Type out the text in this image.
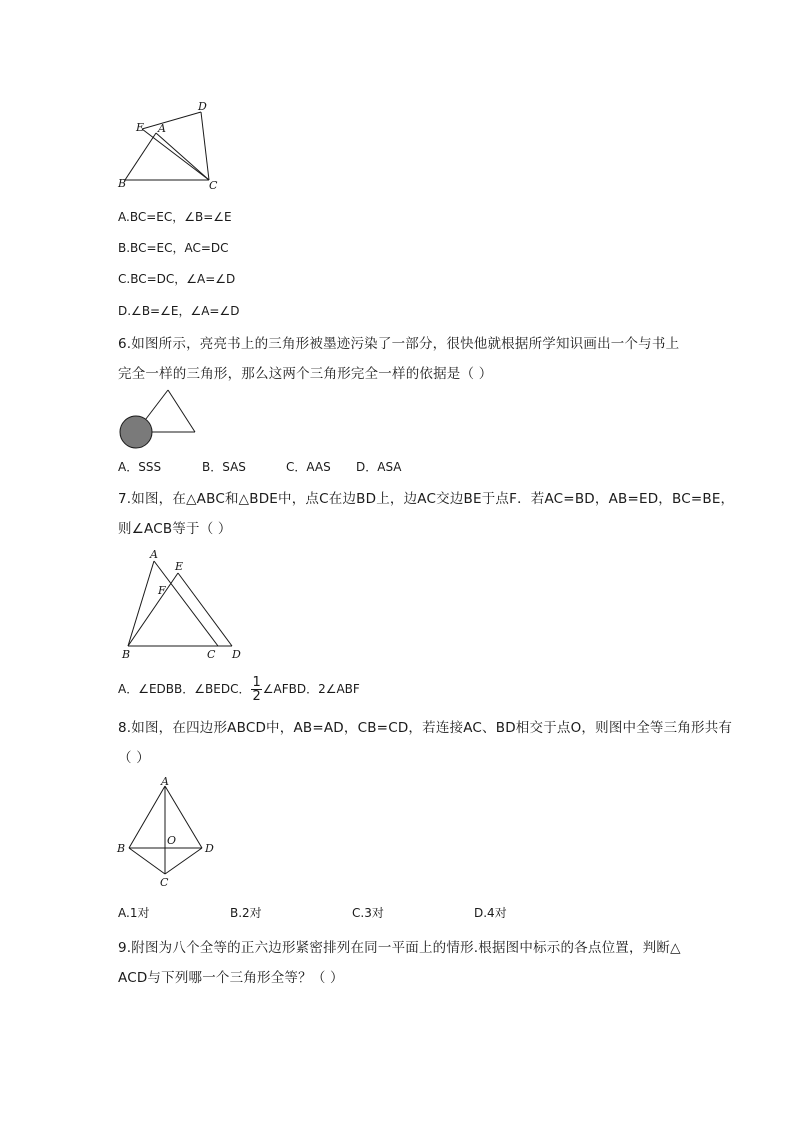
E A
D
B	C
A.BC=EC，∠B=∠E
B.BC=EC，AC=DC
C.BC=DC，∠A=∠D
D.∠B=∠E，∠A=∠D
6.如图所示，亮亮书上的三角形被墨迹污染了一部分，很快他就根据所学知识画出一个与书上
完全一样的三角形，那么这两个三角形完全一样的依据是（ ）
A．SSS	B．SAS	C．AAS D．ASA
7.如图，在△ABC和△BDE中，点C在边BD上，边AC交边BE于点F．若AC=BD，AB=ED，BC=BE，
则∠ACB等于（ ）
A
E
F
B	C D
A．∠EDBB．∠BEDC． $\frac{1}{2}$ ∠AFBD．2∠ABF
8.如图，在四边形ABCD中，AB=AD，CB=CD，若连接AC、BD相交于点O，则图中全等三角形共有
（ ）
A
B
O
D
C
A.1对	B.2对	C.3对	D.4对
9.附图为八个全等的正六边形紧密排列在同一平面上的情形.根据图中标示的各点位置，判断△
ACD与下列哪一个三角形全等？（ ）
